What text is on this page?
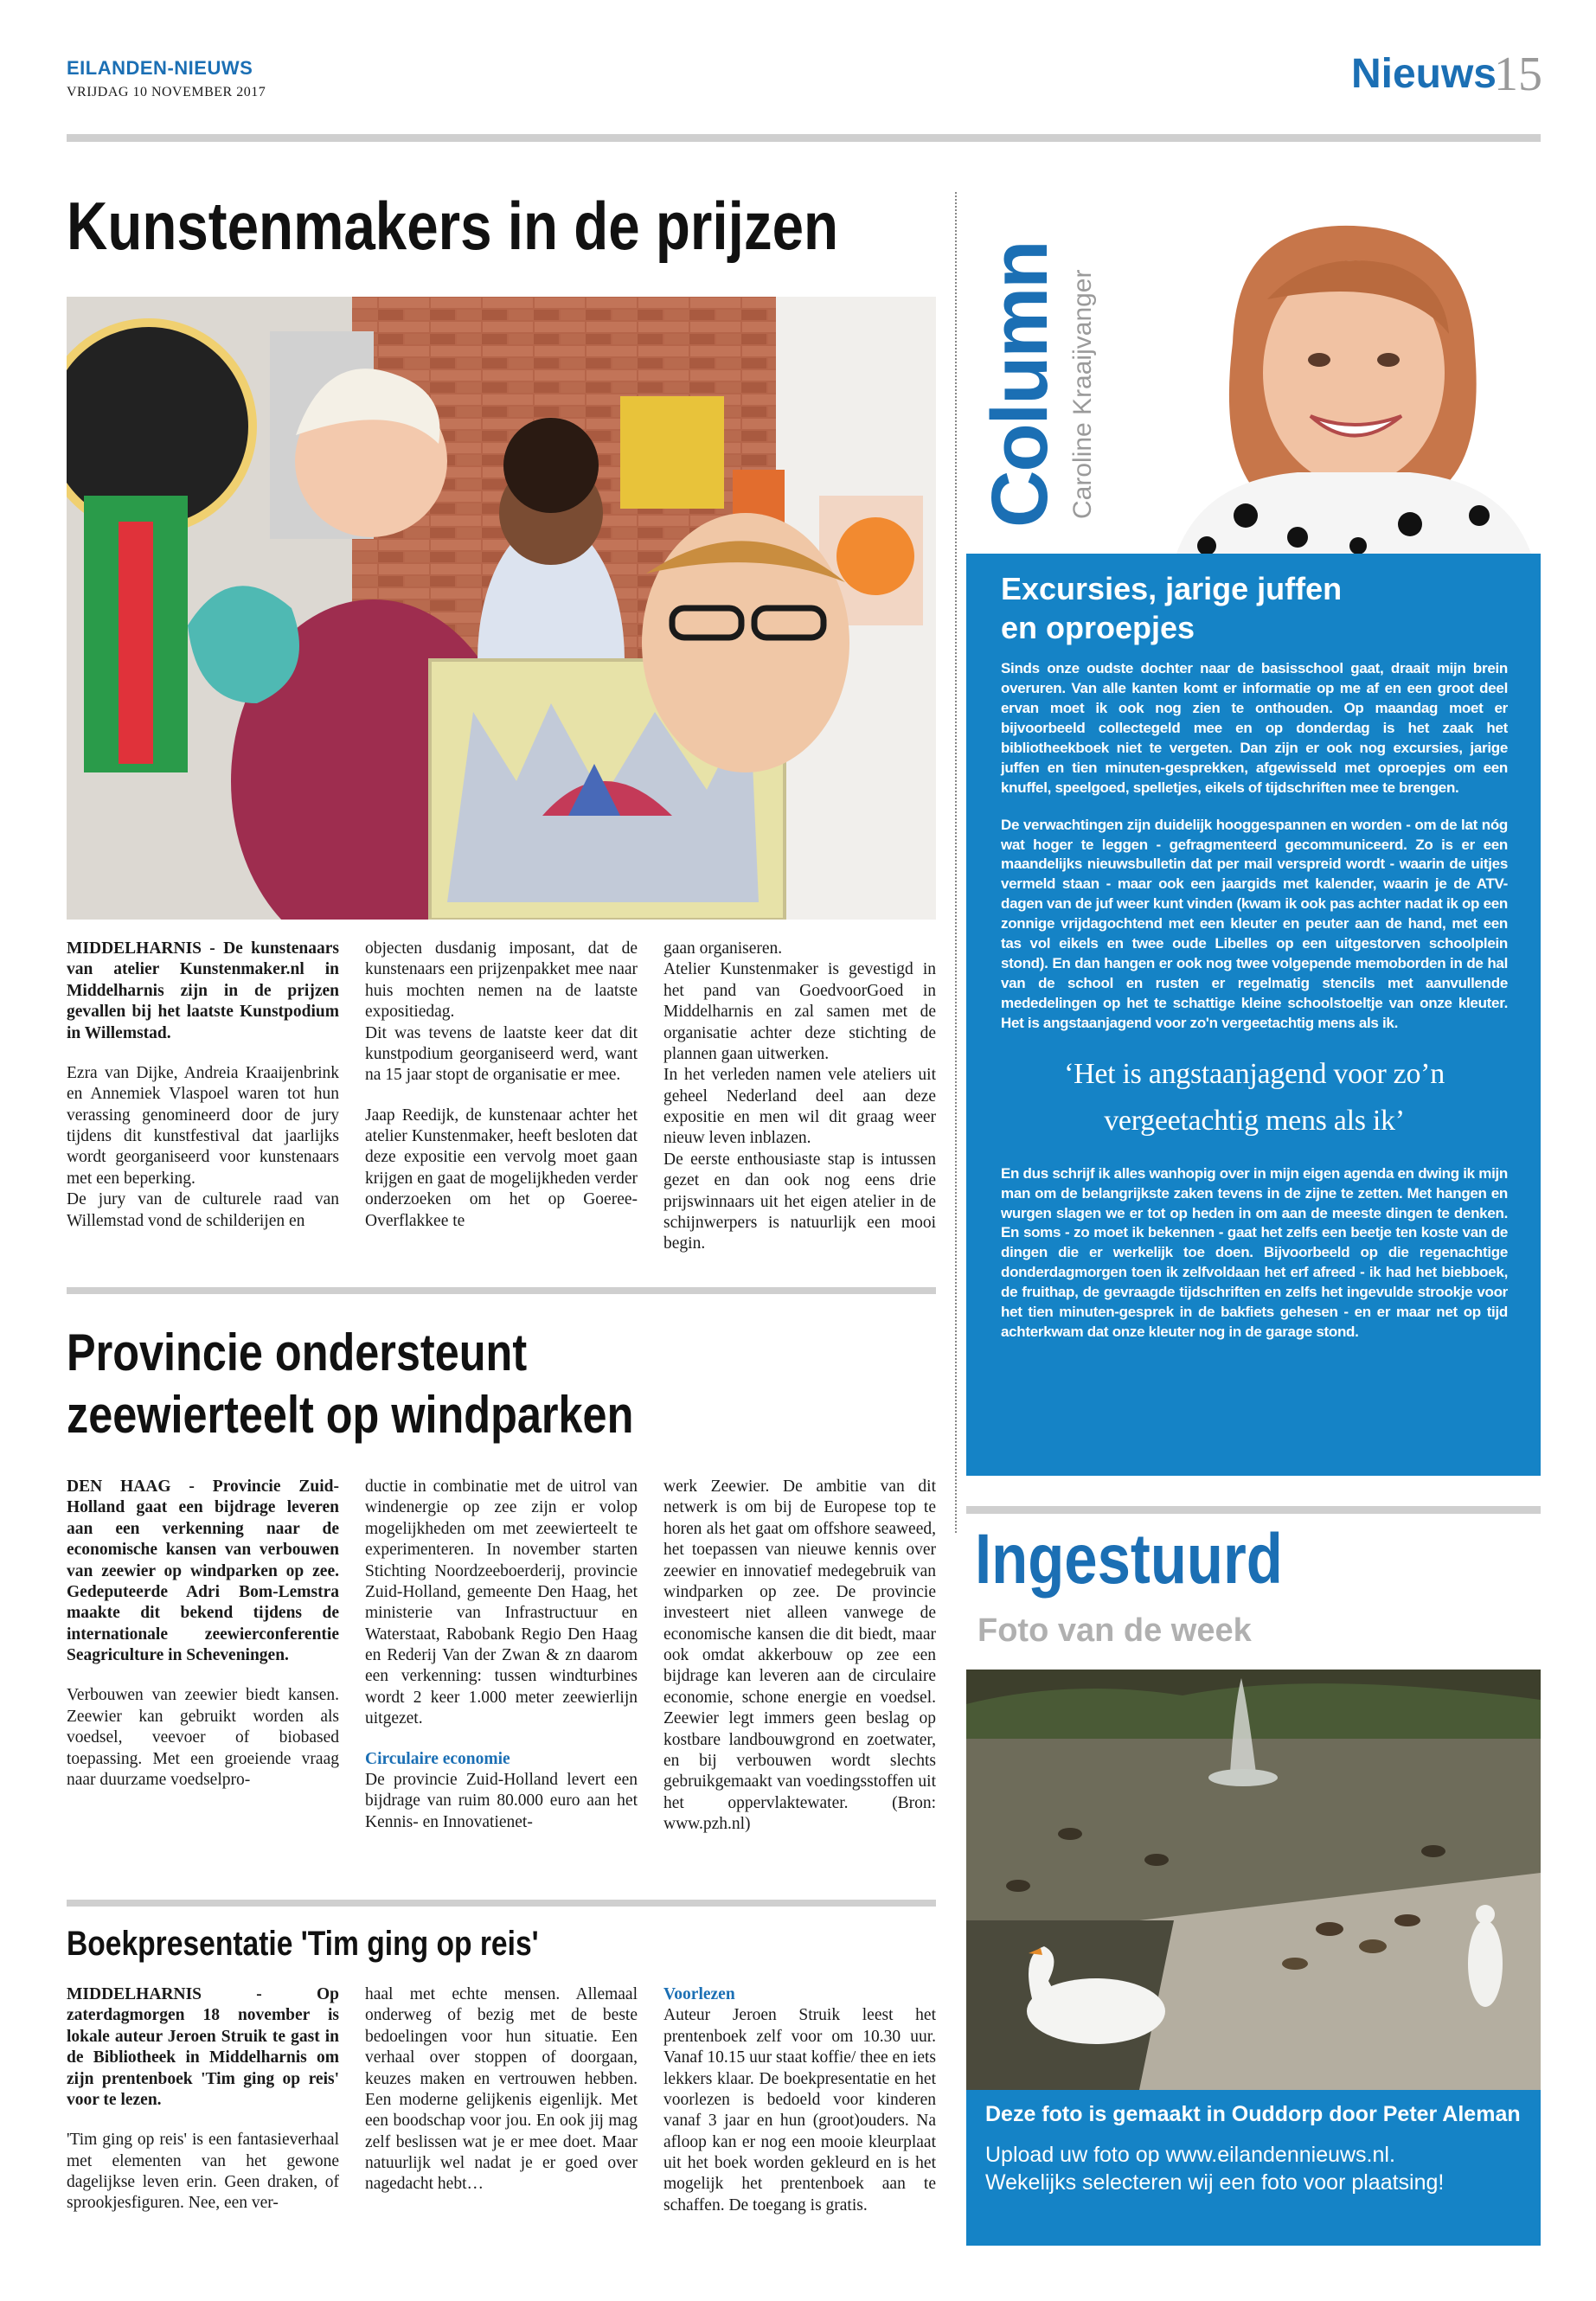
EILANDEN-NIEUWS
VRIJDAG 10 NOVEMBER 2017	Nieuws
15
Kunstenmakers in de prijzen

MIDDELHARNIS - De kunstenaars van atelier Kunstenmaker.nl in Middelharnis zijn in de prijzen gevallen bij het laatste Kunstpodium in Willemstad.

Ezra van Dijke, Andreia Kraaijenbrink en Annemiek Vlaspoel waren tot hun verassing genomineerd door de jury tijdens dit kunstfestival dat jaarlijks wordt georganiseerd voor kunstenaars met een beperking.

De jury van de culturele raad van Willemstad vond de schilderijen en

objecten dusdanig imposant, dat de kunstenaars een prijzenpakket mee naar huis mochten nemen na de laatste expositiedag.

Dit was tevens de laatste keer dat dit kunstpodium georganiseerd werd, want na 15 jaar stopt de organisatie er mee.

Jaap Reedijk, de kunstenaar achter het atelier Kunstenmaker, heeft besloten dat deze expositie een vervolg moet gaan krijgen en gaat de mogelijkheden verder onderzoeken om het op Goeree-Overflakkee te

gaan organiseren.

Atelier Kunstenmaker is gevestigd in het pand van GoedvoorGoed in Middelharnis en zal samen met de organisatie achter deze stichting de plannen gaan uitwerken.

In het verleden namen vele ateliers uit geheel Nederland deel aan deze expositie en men wil dit graag weer nieuw leven inblazen.

De eerste enthousiaste stap is intussen gezet en dan ook nog eens drie prijswinnaars uit het eigen atelier in de schijnwerpers is natuurlijk een mooi begin.

Provincie ondersteunt
zeewierteelt op windparken

DEN HAAG - Provincie Zuid-Holland gaat een bijdrage leveren aan een verkenning naar de economische kansen van verbouwen van zeewier op windparken op zee. Gedeputeerde Adri Bom-Lemstra maakte dit bekend tijdens de internationale zeewierconferentie Seagriculture in Scheveningen.

Verbouwen van zeewier biedt kansen. Zeewier kan gebruikt worden als voedsel, veevoer of biobased toepassing. Met een groeiende vraag naar duurzame voedselpro-

ductie in combinatie met de uitrol van windenergie op zee zijn er volop mogelijkheden om met zeewierteelt te experimenteren. In november starten Stichting Noordzeeboerderij, provincie Zuid-Holland, gemeente Den Haag, het ministerie van Infrastructuur en Waterstaat, Rabobank Regio Den Haag en Rederij Van der Zwan & zn daarom een verkenning: tussen windturbines wordt 2 keer 1.000 meter zeewierlijn uitgezet.

Circulaire economie
De provincie Zuid-Holland levert een bijdrage van ruim 80.000 euro aan het Kennis- en Innovatienet-

werk Zeewier. De ambitie van dit netwerk is om bij de Europese top te horen als het gaat om offshore seaweed, het toepassen van nieuwe kennis over zeewier en innovatief medegebruik van windparken op zee. De provincie investeert niet alleen vanwege de economische kansen die dit biedt, maar ook omdat akkerbouw op zee een bijdrage kan leveren aan de circulaire economie, schone energie en voedsel. Zeewier legt immers geen beslag op kostbare landbouwgrond en zoetwater, en bij verbouwen wordt slechts gebruikgemaakt van voedingsstoffen uit het oppervlaktewater. (Bron: www.pzh.nl)

Boekpresentatie 'Tim ging op reis'

MIDDELHARNIS - Op zaterdagmorgen 18 november is lokale auteur Jeroen Struik te gast in de Bibliotheek in Middelharnis om zijn prentenboek 'Tim ging op reis' voor te lezen.

'Tim ging op reis' is een fantasieverhaal met elementen van het gewone dagelijkse leven erin. Geen draken, of sprookjesfiguren. Nee, een ver-

haal met echte mensen. Allemaal onderweg of bezig met de beste bedoelingen voor hun situatie. Een verhaal over stoppen of doorgaan, keuzes maken en vertrouwen hebben. Een moderne gelijkenis eigenlijk. Met een boodschap voor jou. En ook jij mag zelf beslissen wat je er mee doet. Maar natuurlijk wel nadat je er goed over nagedacht hebt…

Voorlezen
Auteur Jeroen Struik leest het prentenboek zelf voor om 10.30 uur. Vanaf 10.15 uur staat koffie/ thee en iets lekkers klaar. De boekpresentatie en het voorlezen is bedoeld voor kinderen vanaf 3 jaar en hun (groot)ouders. Na afloop kan er nog een mooie kleurplaat uit het boek worden gekleurd en is het mogelijk het prentenboek aan te schaffen. De toegang is gratis.

Column Caroline Kraaijvanger
Excursies, jarige juffen
en oproepjes

Sinds onze oudste dochter naar de basisschool gaat, draait mijn brein overuren. Van alle kanten komt er informatie op me af en een groot deel ervan moet ik ook nog zien te onthouden. Op maandag moet er bijvoorbeeld collectegeld mee en op donderdag is het zaak het bibliotheekboek niet te vergeten. Dan zijn er ook nog excursies, jarige juffen en tien minuten-gesprekken, afgewisseld met oproepjes om een knuffel, speelgoed, spelletjes, eikels of tijdschriften mee te brengen.

De verwachtingen zijn duidelijk hooggespannen en worden - om de lat nóg wat hoger te leggen - gefragmenteerd gecommuniceerd. Zo is er een maandelijks nieuwsbulletin dat per mail verspreid wordt - waarin de uitjes vermeld staan - maar ook een jaargids met kalender, waarin je de ATV-dagen van de juf weer kunt vinden (kwam ik ook pas achter nadat ik op een zonnige vrijdagochtend met een kleuter en peuter aan de hand, met een tas vol eikels en twee oude Libelles op een uitgestorven schoolplein stond). En dan hangen er ook nog twee volgepende memoborden in de hal van de school en rusten er regelmatig stencils met aanvullende mededelingen op het te schattige kleine schoolstoeltje van onze kleuter. Het is angstaanjagend voor zo'n vergeetachtig mens als ik.

‘Het is angstaanjagend voor zo’n
vergeetachtig mens als ik’

En dus schrijf ik alles wanhopig over in mijn eigen agenda en dwing ik mijn man om de belangrijkste zaken tevens in de zijne te zetten. Met hangen en wurgen slagen we er tot op heden in om aan de meeste dingen te denken. En soms - zo moet ik bekennen - gaat het zelfs een beetje ten koste van de dingen die er werkelijk toe doen. Bijvoorbeeld op die regenachtige donderdagmorgen toen ik zelfvoldaan het erf afreed - ik had het biebboek, de fruithap, de gevraagde tijdschriften en zelfs het ingevulde strookje voor het tien minuten-gesprek in de bakfiets gehesen - en er maar net op tijd achterkwam dat onze kleuter nog in de garage stond.

Ingestuurd
Foto van de week
Deze foto is gemaakt in Ouddorp door Peter Aleman
Upload uw foto op www.eilandennieuws.nl.
Wekelijks selecteren wij een foto voor plaatsing!
